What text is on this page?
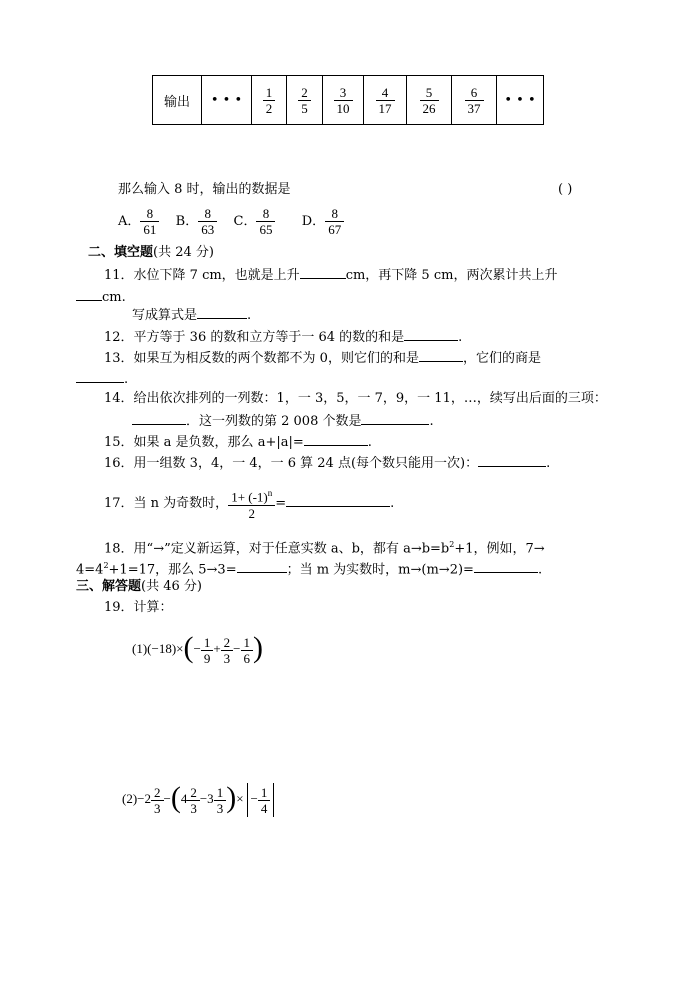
输出	• • •	$\frac{1}{2}$	$\frac{2}{5}$	$\frac{3}{10}$	$\frac{4}{17}$	$\frac{5}{26}$	$\frac{6}{37}$	• • •
那么输入 8 时，输出的数据是	( )
A． $\frac{8}{61}$ B． $\frac{8}{63}$ C． $\frac{8}{65}$ D． $\frac{8}{67}$
二、填空题(共 24 分)
11．水位下降 7 cm，也就是上升	cm，再下降 5 cm，两次累计共上升
cm.
写成算式是	.
12．平方等于 36 的数和立方等于一 64 的数的和是	.
13．如果互为相反数的两个数都不为 0，则它们的和是	，它们的商是
.
14．给出依次排列的一列数：1，一 3，5，一 7，9，一 11，…，续写出后面的三项：
．这一列数的第 2 008 个数是	.
15．如果 a 是负数，那么 a+|a|=	.
16．用一组数 3，4，一 4，一 6 算 24 点(每个数只能用一次)：	.
17．当 n 为奇数时， $\frac{1+ (-1)^n}{2}$ =	.
18．用“→”定义新运算，对于任意实数 a、b，都有 $a\to b=b^2+1$，例如，7→
$4=4^2+1=17$，那么 5→3=	；当 m 为实数时，m→(m→2)=	.
三、解答题(共 46 分)
19．计算：
$(1)(-18)\times(- \frac{1}{9} + \frac{2}{3} - \frac{1}{6}$ )
$(2)-2 \frac{2}{3} -(4 \frac{2}{3} -3 \frac{1}{3}$ )× − $\frac{1}{4}$
